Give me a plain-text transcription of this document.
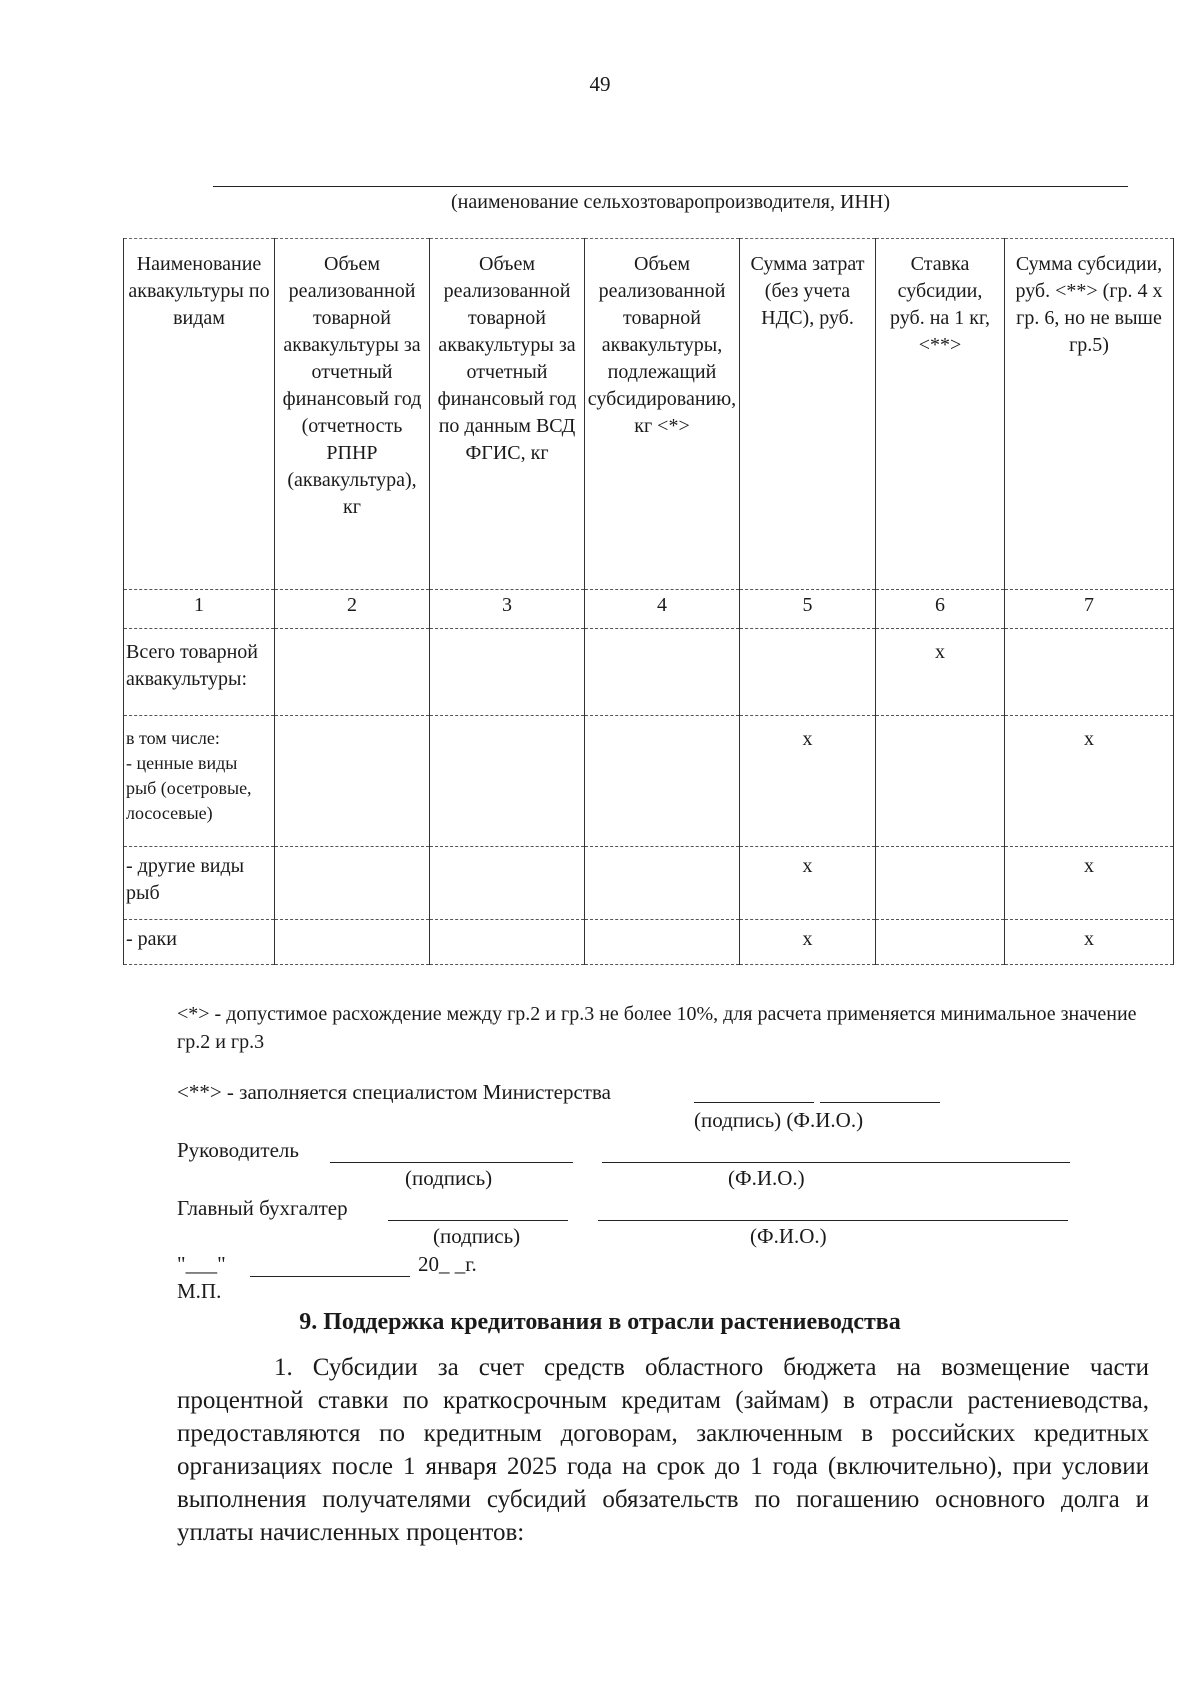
49
(наименование сельхозтоваропроизводителя, ИНН)
Наименование аквакультуры по видам	Объем реализованной товарной аквакультуры за отчетный финансовый год (отчетность РПНР (аквакультура), кг	Объем реализованной товарной аквакультуры за отчетный финансовый год по данным ВСД ФГИС, кг	Объем реализованной товарной аквакультуры, подлежащий субсидированию, кг <*>	Сумма затрат (без учета НДС), руб.	Ставка субсидии, руб. на 1 кг, <**>	Сумма субсидии, руб. <**> (гр. 4 x гр. 6, но не выше гр.5)
1	2	3	4	5	6	7
Всего товарной аквакультуры:					x	
в том числе:
- ценные виды рыб (осетровые, лососевые)				x		x
- другие виды рыб				x		x
- раки				x		x
<*> - допустимое расхождение между гр.2 и гр.3 не более 10%, для расчета применяется минимальное значение гр.2 и гр.3
<**> - заполняется специалистом Министерства
(подпись) (Ф.И.О.)
Руководитель
(подпись)	(Ф.И.О.)
Главный бухгалтер
(подпись)	(Ф.И.О.)
"___"	20_ _г.
М.П.
9. Поддержка кредитования в отрасли растениеводства
1. Субсидии за счет средств областного бюджета на возмещение части процентной ставки по краткосрочным кредитам (займам) в отрасли растениеводства, предоставляются по кредитным договорам, заключенным в российских кредитных организациях после 1 января 2025 года на срок до 1 года (включительно), при условии выполнения получателями субсидий обязательств по погашению основного долга и уплаты начисленных процентов:
